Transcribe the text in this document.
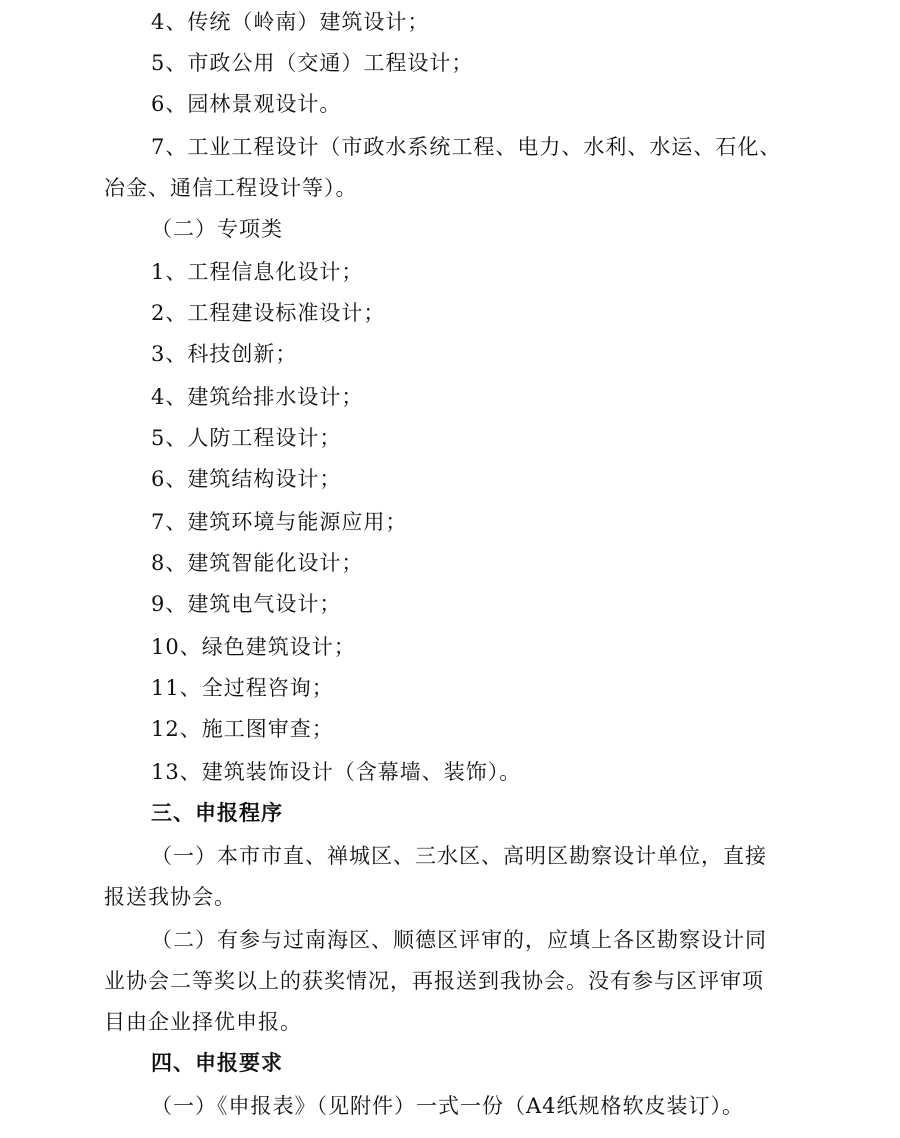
4、传统（岭南）建筑设计；
5、市政公用（交通）工程设计；
6、园林景观设计。
7、工业工程设计（市政水系统工程、电力、水利、水运、石化、
冶金、通信工程设计等）。
（二）专项类
1、工程信息化设计；
2、工程建设标准设计；
3、科技创新；
4、建筑给排水设计；
5、人防工程设计；
6、建筑结构设计；
7、建筑环境与能源应用；
8、建筑智能化设计；
9、建筑电气设计；
10、绿色建筑设计；
11、全过程咨询；
12、施工图审查；
13、建筑装饰设计（含幕墙、装饰）。
三、申报程序
（一）本市市直、禅城区、三水区、高明区勘察设计单位，直接
报送我协会。
（二）有参与过南海区、顺德区评审的，应填上各区勘察设计同
业协会二等奖以上的获奖情况，再报送到我协会。没有参与区评审项
目由企业择优申报。
四、申报要求
（一）《申报表》（见附件）一式一份（A4纸规格软皮装订）。
